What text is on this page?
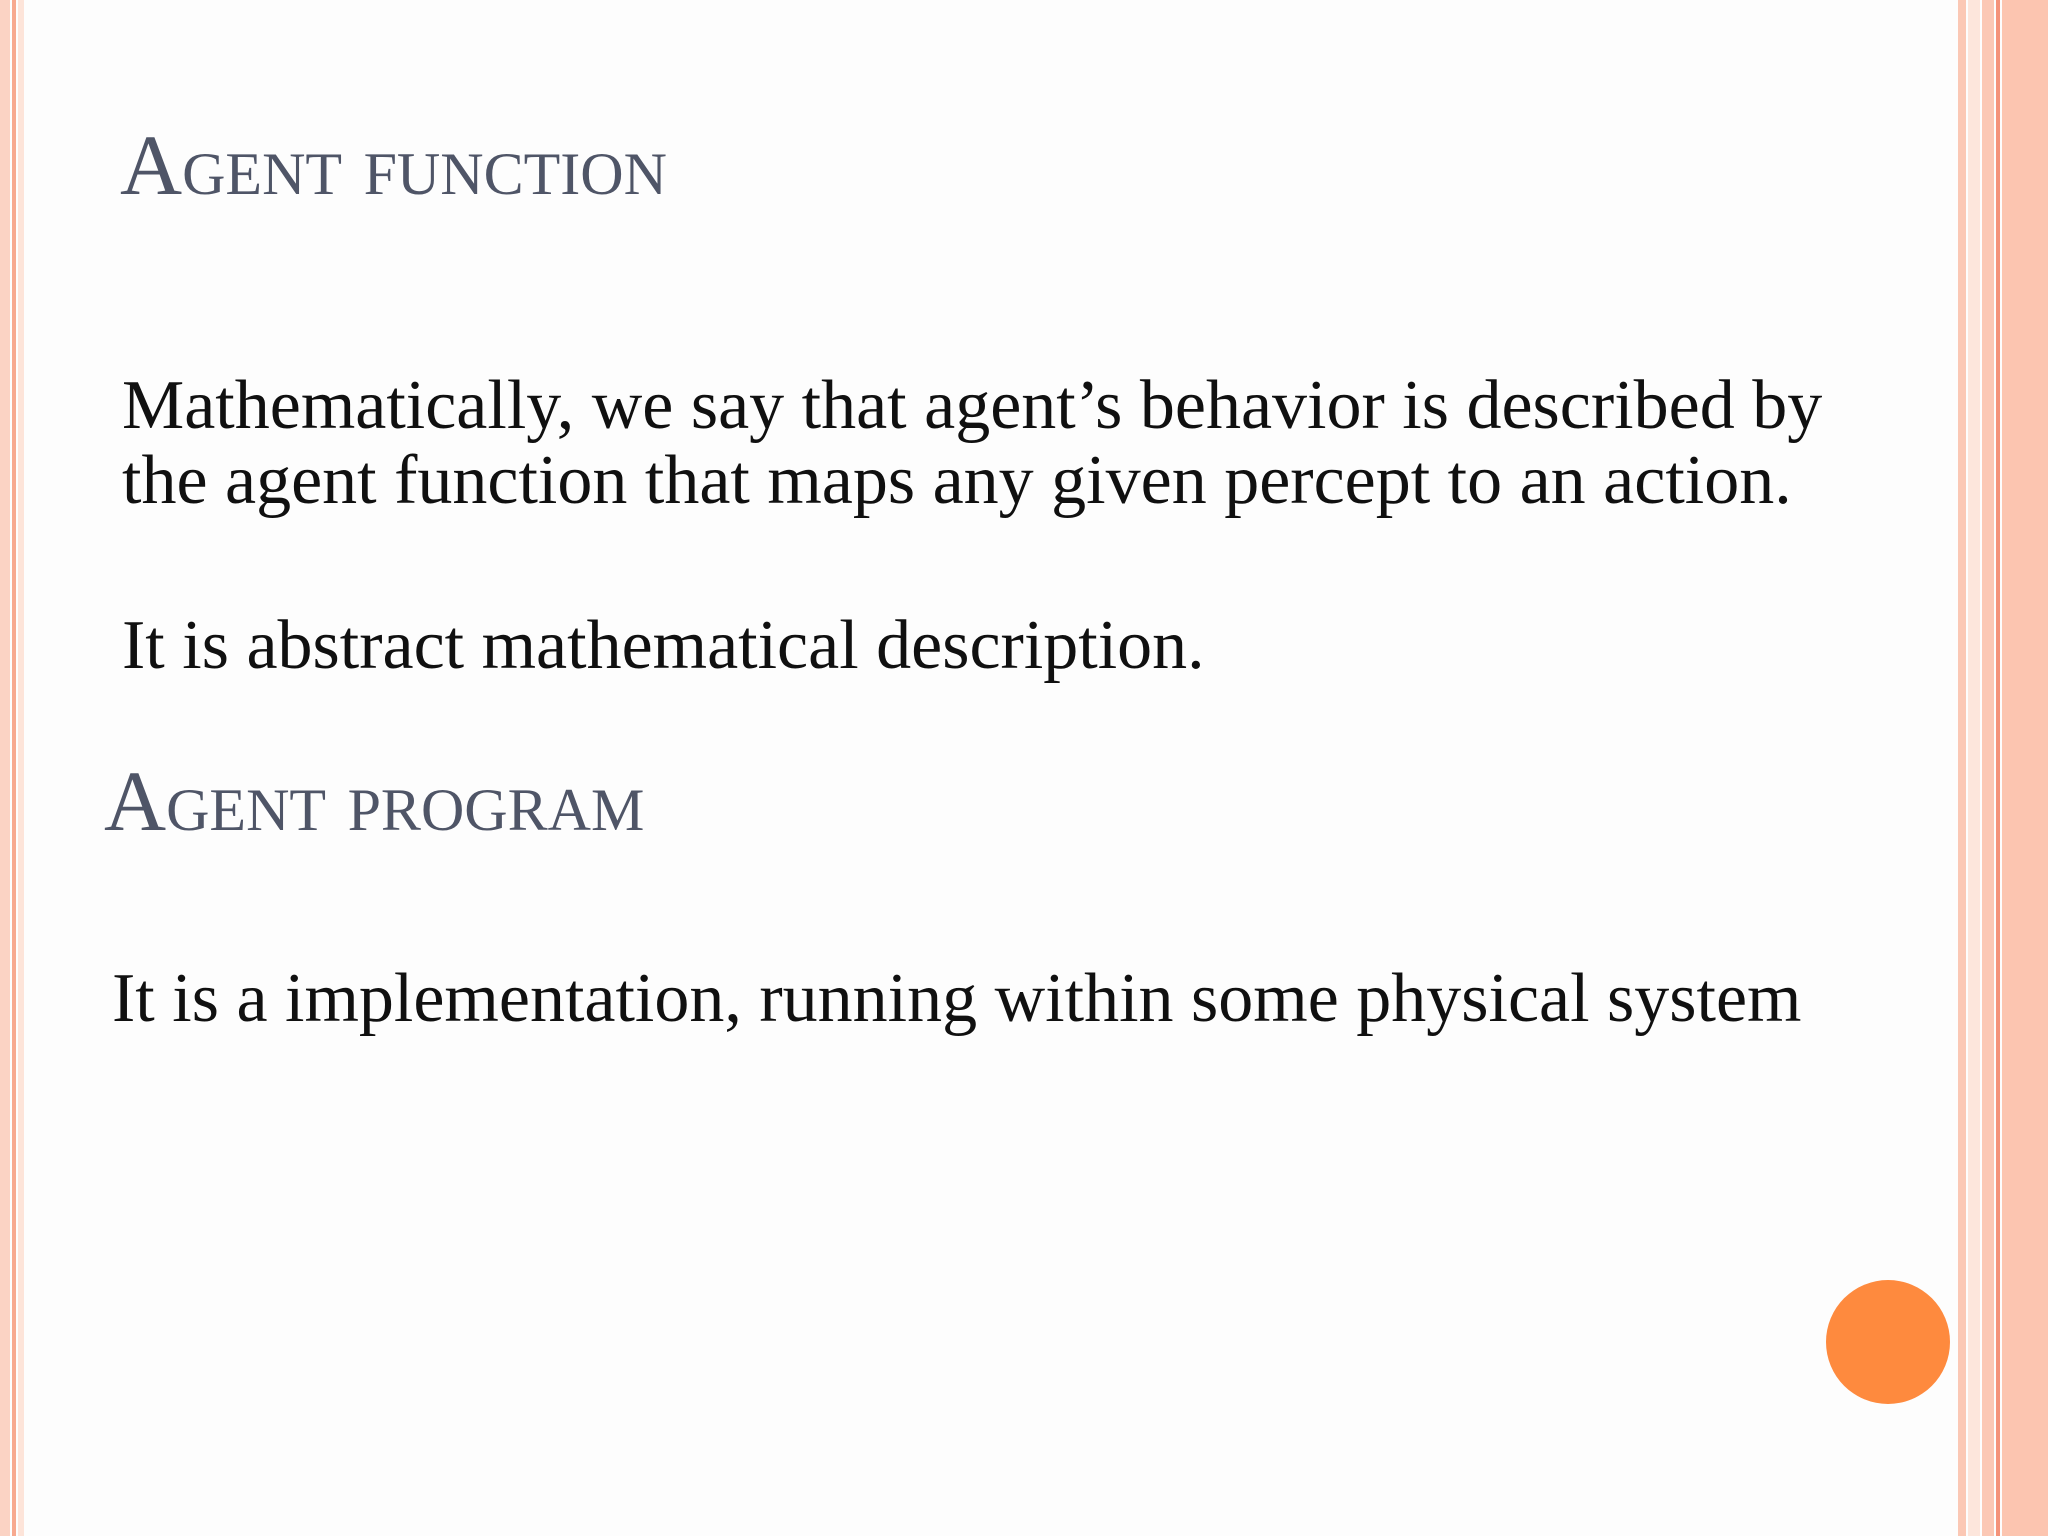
Agent function

Mathematically, we say that agent’s behavior is described by the agent function that maps any given percept to an action.

It is abstract mathematical description.

Agent program

It is a implementation, running within some physical system
